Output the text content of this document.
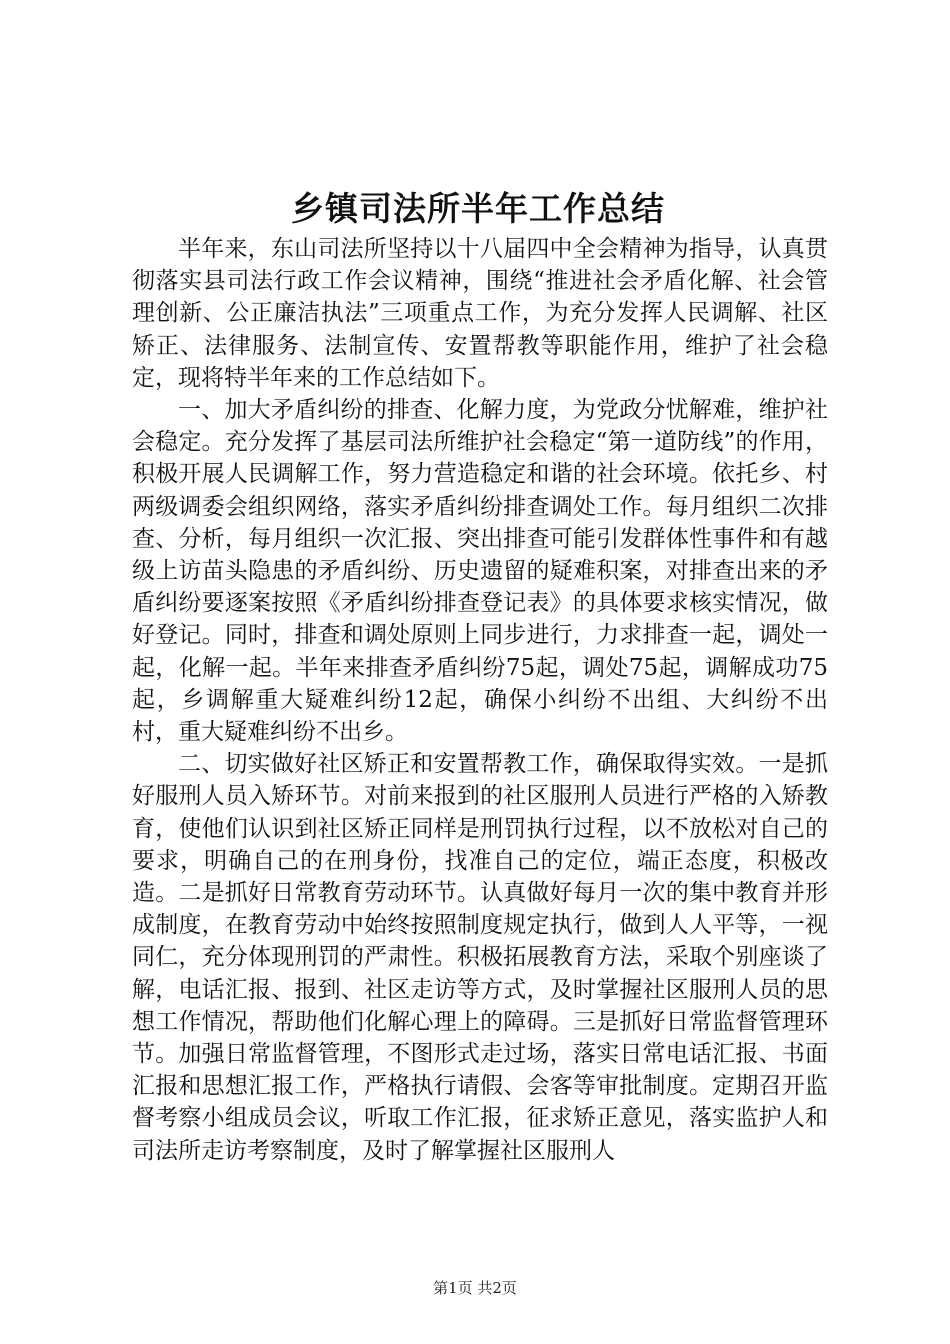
乡镇司法所半年工作总结

半年来，东山司法所坚持以十八届四中全会精神为指导，认真贯彻落实县司法行政工作会议精神，围绕“推进社会矛盾化解、社会管理创新、公正廉洁执法”三项重点工作，为充分发挥人民调解、社区矫正、法律服务、法制宣传、安置帮教等职能作用，维护了社会稳定，现将特半年来的工作总结如下。

一、加大矛盾纠纷的排查、化解力度，为党政分忧解难，维护社会稳定。充分发挥了基层司法所维护社会稳定“第一道防线”的作用，积极开展人民调解工作，努力营造稳定和谐的社会环境。依托乡、村两级调委会组织网络，落实矛盾纠纷排查调处工作。每月组织二次排查、分析，每月组织一次汇报、突出排查可能引发群体性事件和有越级上访苗头隐患的矛盾纠纷、历史遗留的疑难积案，对排查出来的矛盾纠纷要逐案按照《矛盾纠纷排查登记表》的具体要求核实情况，做好登记。同时，排查和调处原则上同步进行，力求排查一起，调处一起，化解一起。半年来排查矛盾纠纷75起，调处75起，调解成功75起，乡调解重大疑难纠纷12起，确保小纠纷不出组、大纠纷不出村，重大疑难纠纷不出乡。

二、切实做好社区矫正和安置帮教工作，确保取得实效。一是抓好服刑人员入矫环节。对前来报到的社区服刑人员进行严格的入矫教育，使他们认识到社区矫正同样是刑罚执行过程，以不放松对自己的要求，明确自己的在刑身份，找准自己的定位，端正态度，积极改造。二是抓好日常教育劳动环节。认真做好每月一次的集中教育并形成制度，在教育劳动中始终按照制度规定执行，做到人人平等，一视同仁，充分体现刑罚的严肃性。积极拓展教育方法，采取个别座谈了解，电话汇报、报到、社区走访等方式，及时掌握社区服刑人员的思想工作情况，帮助他们化解心理上的障碍。三是抓好日常监督管理环节。加强日常监督管理，不图形式走过场，落实日常电话汇报、书面汇报和思想汇报工作，严格执行请假、会客等审批制度。定期召开监督考察小组成员会议，听取工作汇报，征求矫正意见，落实监护人和司法所走访考察制度，及时了解掌握社区服刑人

第1页 共2页
